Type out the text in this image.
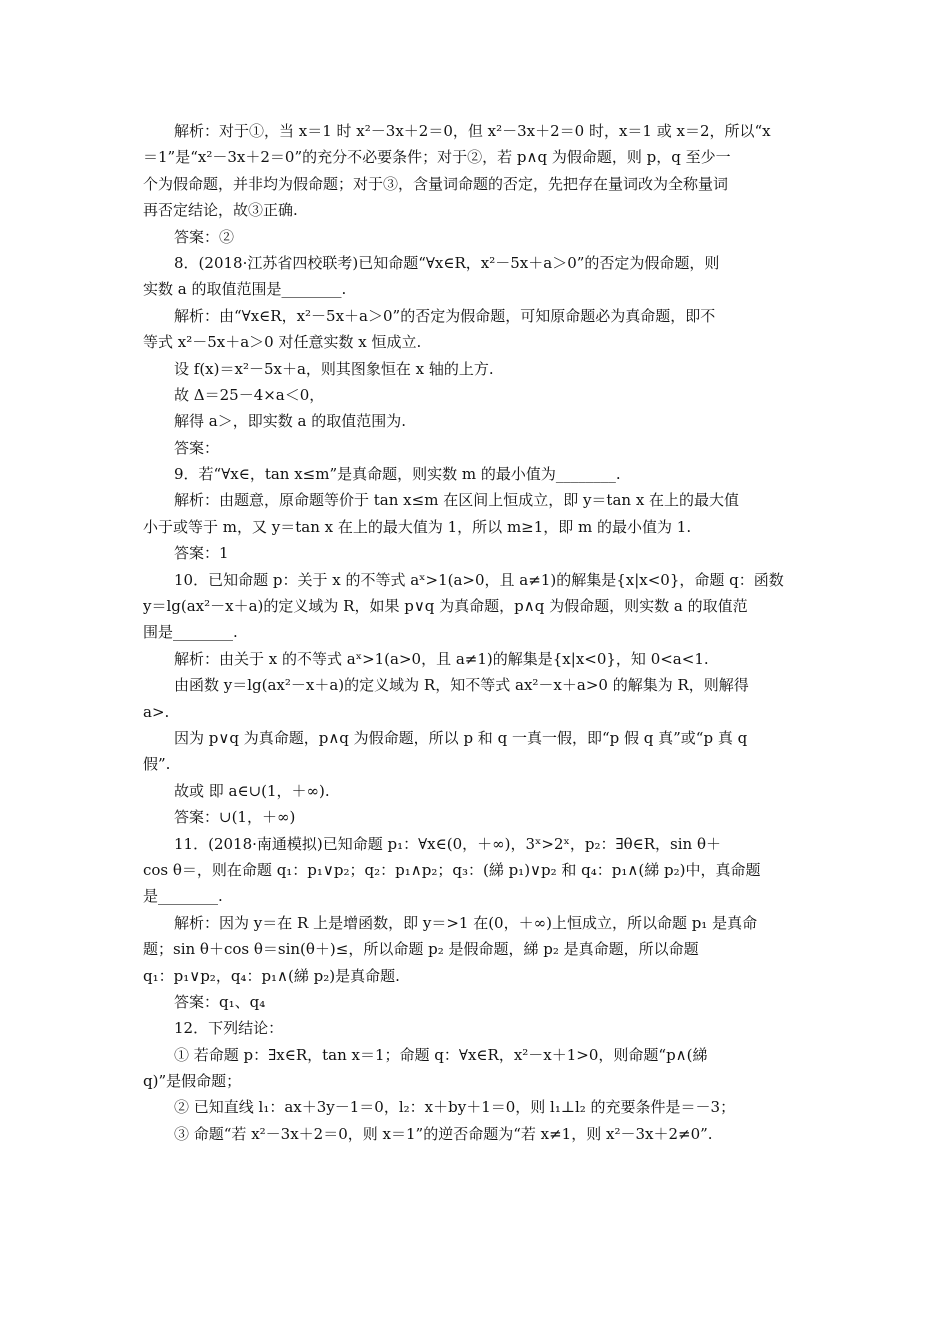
解析：对于①，当 x＝1 时 x²－3x＋2＝0，但 x²－3x＋2＝0 时，x＝1 或 x＝2，所以“x
＝1”是“x²－3x＋2＝0”的充分不必要条件；对于②，若 p∧q 为假命题，则 p，q 至少一
个为假命题，并非均为假命题；对于③，含量词命题的否定，先把存在量词改为全称量词
再否定结论，故③正确.
答案：②
8．(2018·江苏省四校联考)已知命题“∀x∈R，x²－5x＋a＞0”的否定为假命题，则
实数 a 的取值范围是________.
解析：由“∀x∈R，x²－5x＋a＞0”的否定为假命题，可知原命题必为真命题，即不
等式 x²－5x＋a＞0 对任意实数 x 恒成立.
设 f(x)＝x²－5x＋a，则其图象恒在 x 轴的上方.
故 Δ＝25－4×a＜0，
解得 a＞，即实数 a 的取值范围为.
答案：
9．若“∀x∈，tan x≤m”是真命题，则实数 m 的最小值为________.
解析：由题意，原命题等价于 tan x≤m 在区间上恒成立，即 y＝tan x 在上的最大值
小于或等于 m，又 y＝tan x 在上的最大值为 1，所以 m≥1，即 m 的最小值为 1.
答案：1
10．已知命题 p：关于 x 的不等式 aˣ>1(a>0，且 a≠1)的解集是{x|x<0}，命题 q：函数
y＝lg(ax²－x＋a)的定义域为 R，如果 p∨q 为真命题，p∧q 为假命题，则实数 a 的取值范
围是________.
解析：由关于 x 的不等式 aˣ>1(a>0，且 a≠1)的解集是{x|x<0}，知 0<a<1.
由函数 y＝lg(ax²－x＋a)的定义域为 R，知不等式 ax²－x＋a>0 的解集为 R，则解得
a>.
因为 p∨q 为真命题，p∧q 为假命题，所以 p 和 q 一真一假，即“p 假 q 真”或“p 真 q
假”.
故或 即 a∈∪(1，＋∞).
答案：∪(1，＋∞)
11．(2018·南通模拟)已知命题 p₁：∀x∈(0，＋∞)，3ˣ>2ˣ，p₂：∃θ∈R，sin θ＋
cos θ＝，则在命题 q₁：p₁∨p₂；q₂：p₁∧p₂；q₃：(綈 p₁)∨p₂ 和 q₄：p₁∧(綈 p₂)中，真命题
是________.
解析：因为 y＝在 R 上是增函数，即 y＝>1 在(0，＋∞)上恒成立，所以命题 p₁ 是真命
题；sin θ＋cos θ＝sin(θ＋)≤，所以命题 p₂ 是假命题，綈 p₂ 是真命题，所以命题
q₁：p₁∨p₂，q₄：p₁∧(綈 p₂)是真命题.
答案：q₁、q₄
12．下列结论：
① 若命题 p：∃x∈R，tan x＝1；命题 q：∀x∈R，x²－x＋1>0，则命题“p∧(綈
q)”是假命题；
② 已知直线 l₁：ax＋3y－1＝0，l₂：x＋by＋1＝0，则 l₁⊥l₂ 的充要条件是＝－3；
③ 命题“若 x²－3x＋2＝0，则 x＝1”的逆否命题为“若 x≠1，则 x²－3x＋2≠0”.
